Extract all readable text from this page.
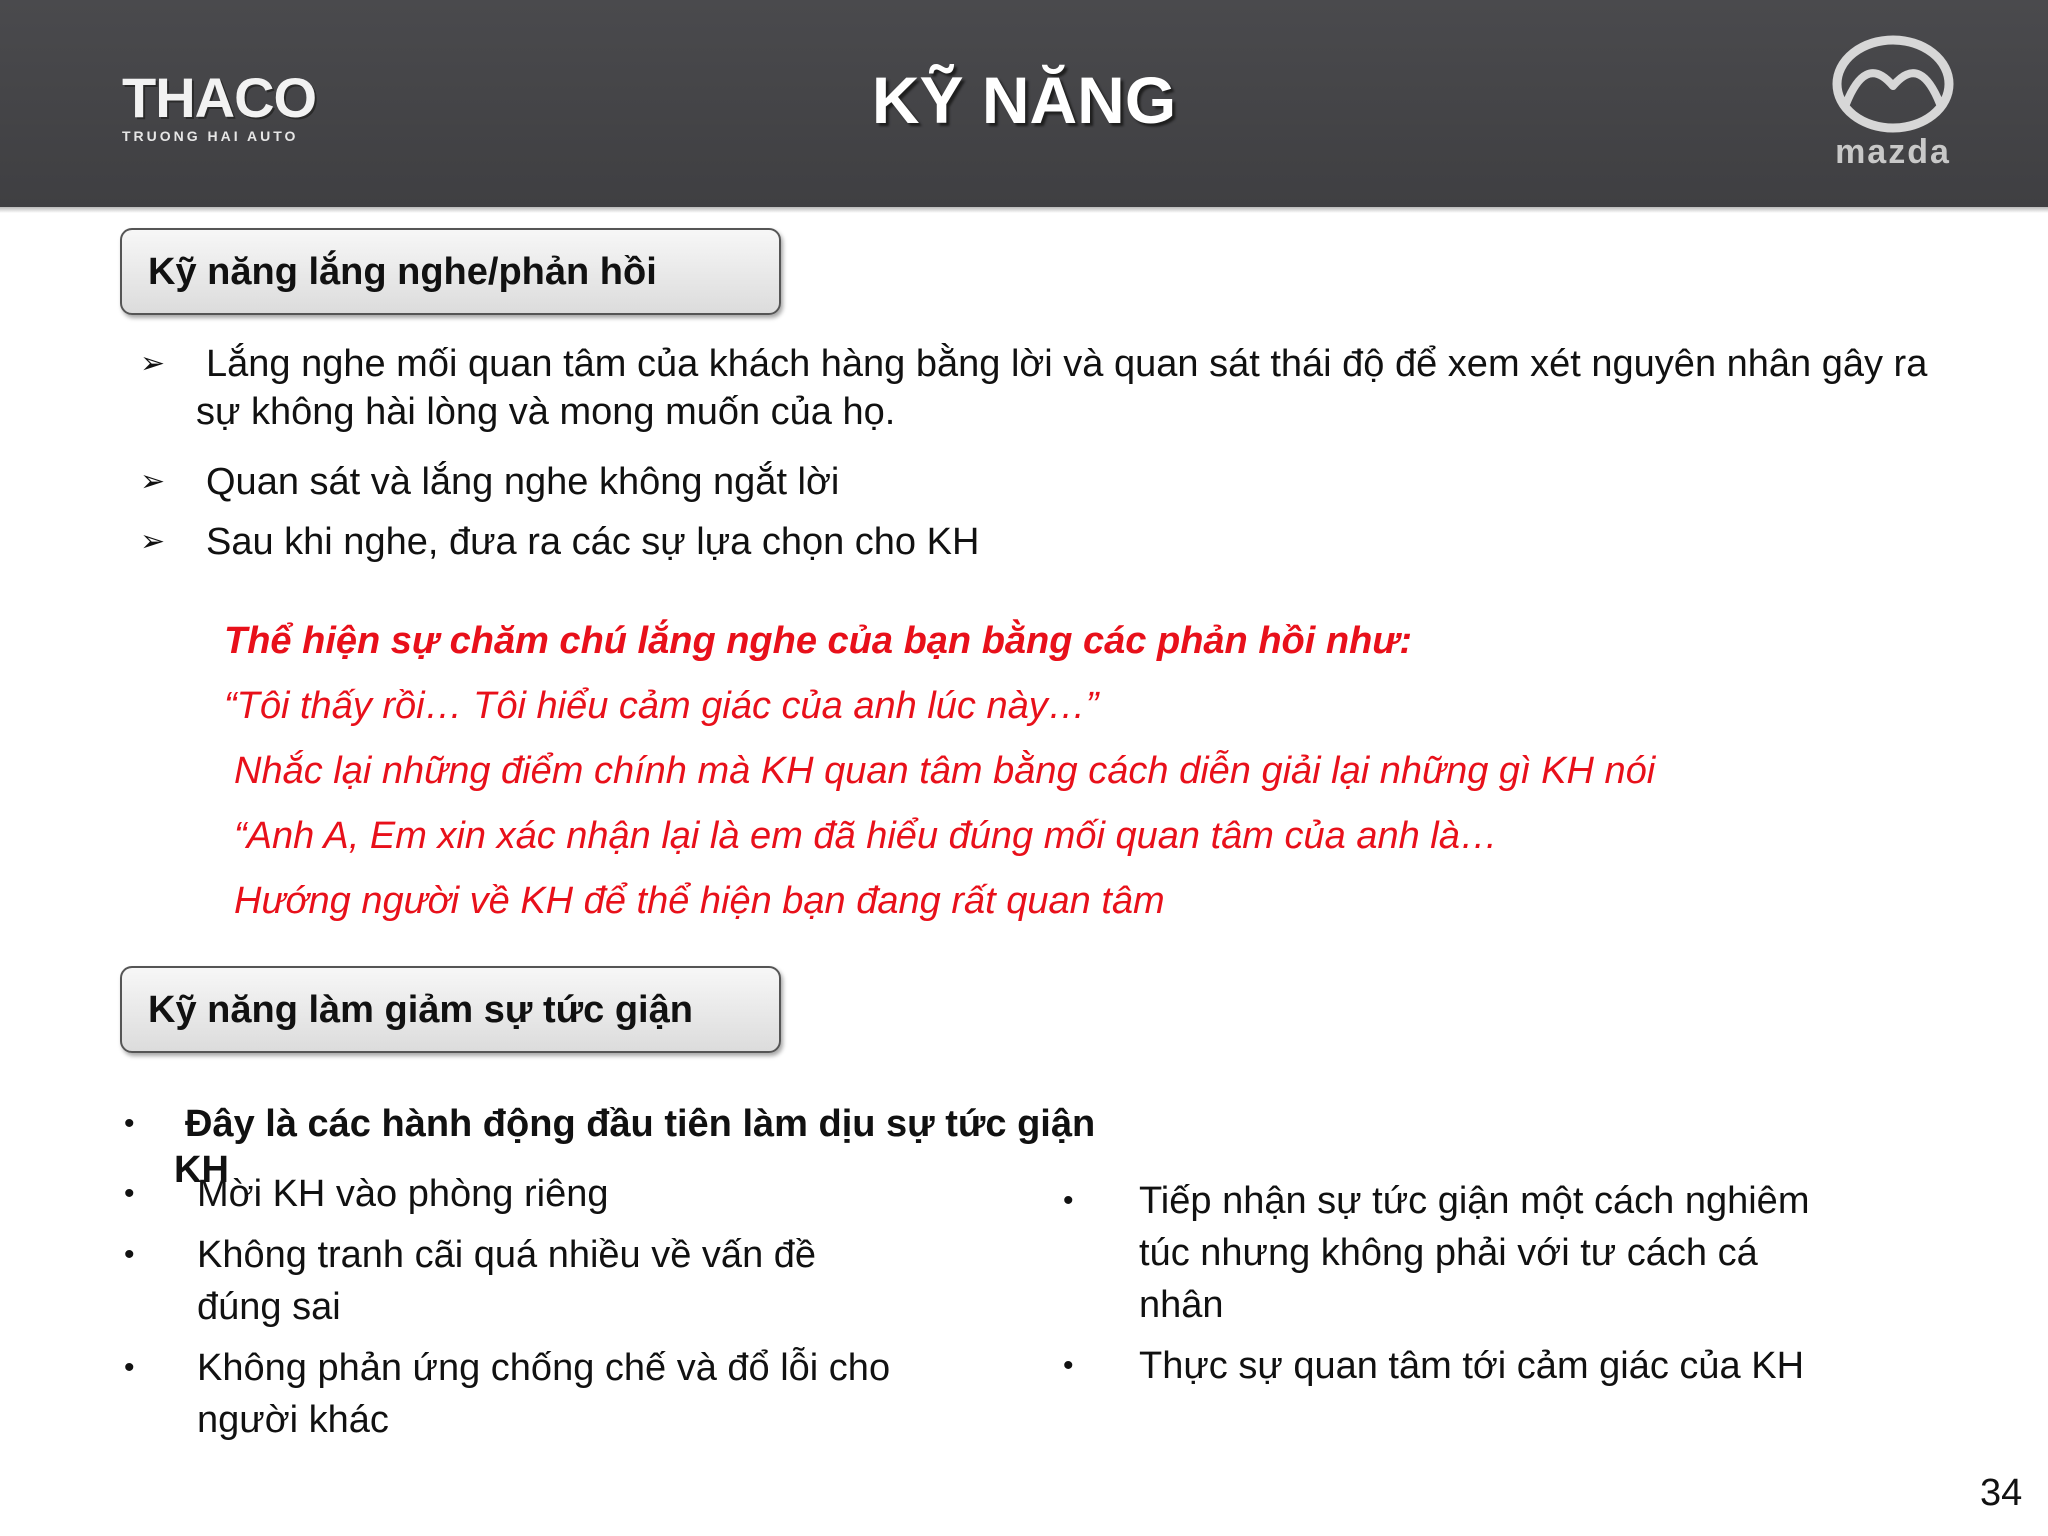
THACO
TRUONG HAI AUTO	KỸ NĂNG
mazda
Kỹ năng lắng nghe/phản hồi
➢ Lắng nghe mối quan tâm của khách hàng bằng lời và quan sát thái độ để xem xét nguyên nhân gây ra sự không hài lòng và mong muốn của họ.
➢ Quan sát và lắng nghe không ngắt lời
➢ Sau khi nghe, đưa ra các sự lựa chọn cho KH
Thể hiện sự chăm chú lắng nghe của bạn bằng các phản hồi như:
“Tôi thấy rồi… Tôi hiểu cảm giác của anh lúc này…”
Nhắc lại những điểm chính mà KH quan tâm bằng cách diễn giải lại những gì KH nói
“Anh A, Em xin xác nhận lại là em đã hiểu đúng mối quan tâm của anh là…
Hướng người về KH để thể hiện bạn đang rất quan tâm
Kỹ năng làm giảm sự tức giận
• Đây là các hành động đầu tiên làm dịu sự tức giận
KH
• Mời KH vào phòng riêng
• Không tranh cãi quá nhiều về vấn đề
đúng sai
• Không phản ứng chống chế và đổ lỗi cho
người khác
• Tiếp nhận sự tức giận một cách nghiêm
túc nhưng không phải với tư cách cá
nhân
• Thực sự quan tâm tới cảm giác của KH
34
